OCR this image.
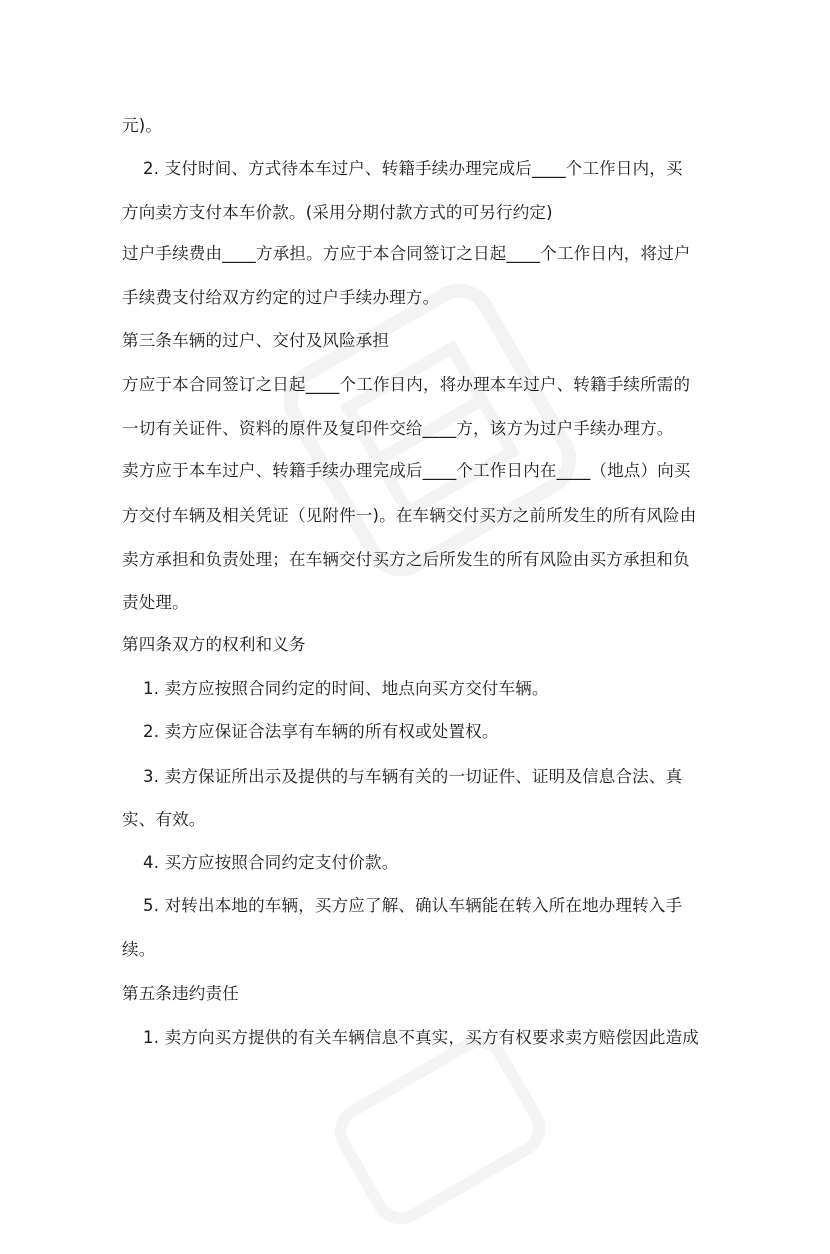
元)。
2. 支付时间、方式待本车过户、转籍手续办理完成后____个工作日内，买
方向卖方支付本车价款。(采用分期付款方式的可另行约定)
过户手续费由____方承担。方应于本合同签订之日起____个工作日内，将过户
手续费支付给双方约定的过户手续办理方。
第三条车辆的过户、交付及风险承担
方应于本合同签订之日起____个工作日内，将办理本车过户、转籍手续所需的
一切有关证件、资料的原件及复印件交给____方，该方为过户手续办理方。
卖方应于本车过户、转籍手续办理完成后____个工作日内在____（地点）向买
方交付车辆及相关凭证（见附件一)。在车辆交付买方之前所发生的所有风险由
卖方承担和负责处理；在车辆交付买方之后所发生的所有风险由买方承担和负
责处理。
第四条双方的权利和义务
1. 卖方应按照合同约定的时间、地点向买方交付车辆。
2. 卖方应保证合法享有车辆的所有权或处置权。
3. 卖方保证所出示及提供的与车辆有关的一切证件、证明及信息合法、真
实、有效。
4. 买方应按照合同约定支付价款。
5. 对转出本地的车辆，买方应了解、确认车辆能在转入所在地办理转入手
续。
第五条违约责任
1. 卖方向买方提供的有关车辆信息不真实，买方有权要求卖方赔偿因此造成
